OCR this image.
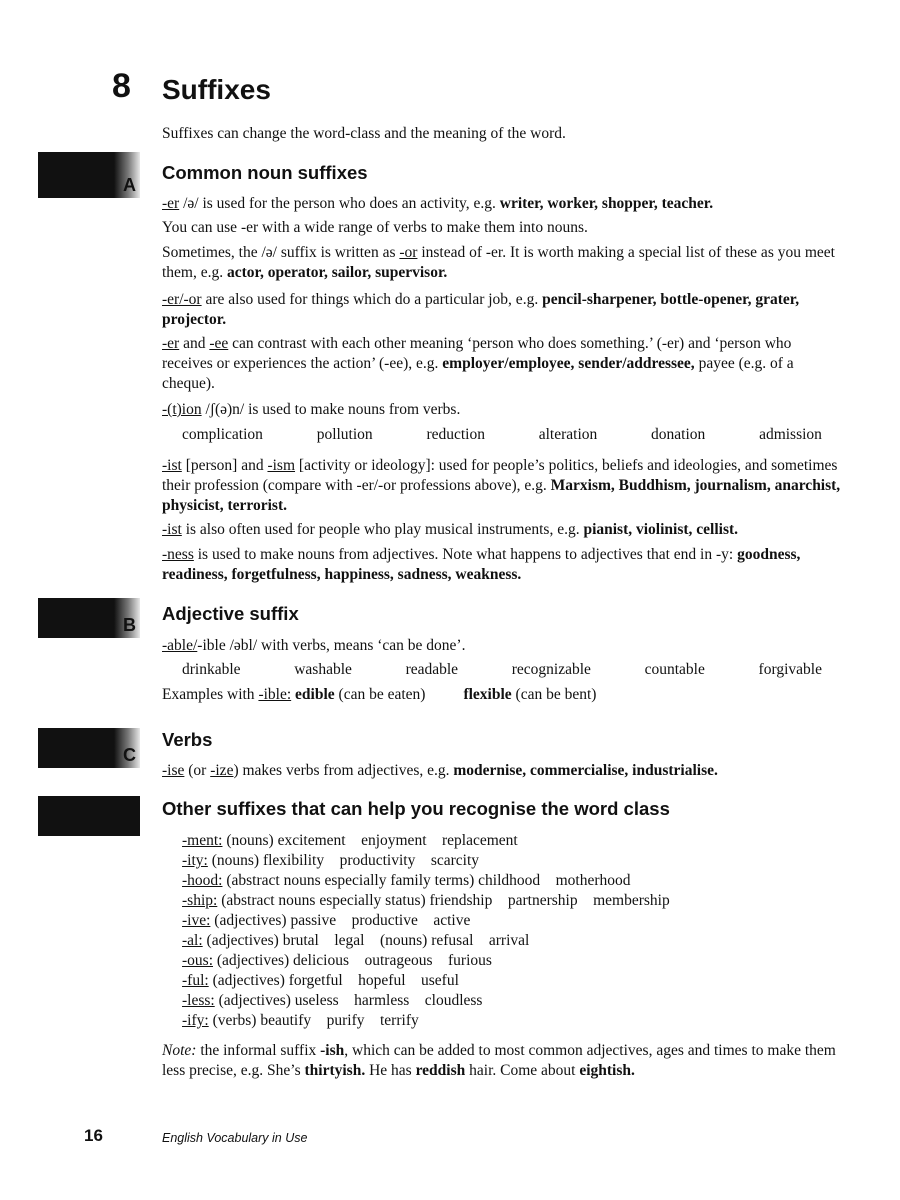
8 Suffixes
Suffixes can change the word-class and the meaning of the word.
A
Common noun suffixes
-er /ə/ is used for the person who does an activity, e.g. writer, worker, shopper, teacher.
You can use -er with a wide range of verbs to make them into nouns.
Sometimes, the /ə/ suffix is written as -or instead of -er. It is worth making a special list of these as you meet them, e.g. actor, operator, sailor, supervisor.
-er/-or are also used for things which do a particular job, e.g. pencil-sharpener, bottle-opener, grater, projector.
-er and -ee can contrast with each other meaning ‘person who does something.’ (-er) and ‘person who receives or experiences the action’ (-ee), e.g. employer/employee, sender/addressee, payee (e.g. of a cheque).
-(t)ion /ʃ(ə)n/ is used to make nouns from verbs.
complication	pollution	reduction	alteration	donation	admission
-ist [person] and -ism [activity or ideology]: used for people’s politics, beliefs and ideologies, and sometimes their profession (compare with -er/-or professions above), e.g. Marxism, Buddhism, journalism, anarchist, physicist, terrorist.
-ist is also often used for people who play musical instruments, e.g. pianist, violinist, cellist.
-ness is used to make nouns from adjectives. Note what happens to adjectives that end in -y: goodness, readiness, forgetfulness, happiness, sadness, weakness.
B
Adjective suffix
-able/-ible /əbl/ with verbs, means ‘can be done’.
drinkable	washable	readable	recognizable	countable	forgivable
Examples with -ible: edible (can be eaten) flexible (can be bent)
C
Verbs
-ise (or -ize) makes verbs from adjectives, e.g. modernise, commercialise, industrialise.
Other suffixes that can help you recognise the word class
-ment: (nouns) excitement    enjoyment    replacement
-ity: (nouns) flexibility    productivity    scarcity
-hood: (abstract nouns especially family terms) childhood    motherhood
-ship: (abstract nouns especially status) friendship    partnership    membership
-ive: (adjectives) passive    productive    active
-al: (adjectives) brutal    legal    (nouns) refusal    arrival
-ous: (adjectives) delicious    outrageous    furious
-ful: (adjectives) forgetful    hopeful    useful
-less: (adjectives) useless    harmless    cloudless
-ify: (verbs) beautify    purify    terrify
Note: the informal suffix -ish, which can be added to most common adjectives, ages and times to make them less precise, e.g. She’s thirtyish. He has reddish hair. Come about eightish.
16	English Vocabulary in Use
